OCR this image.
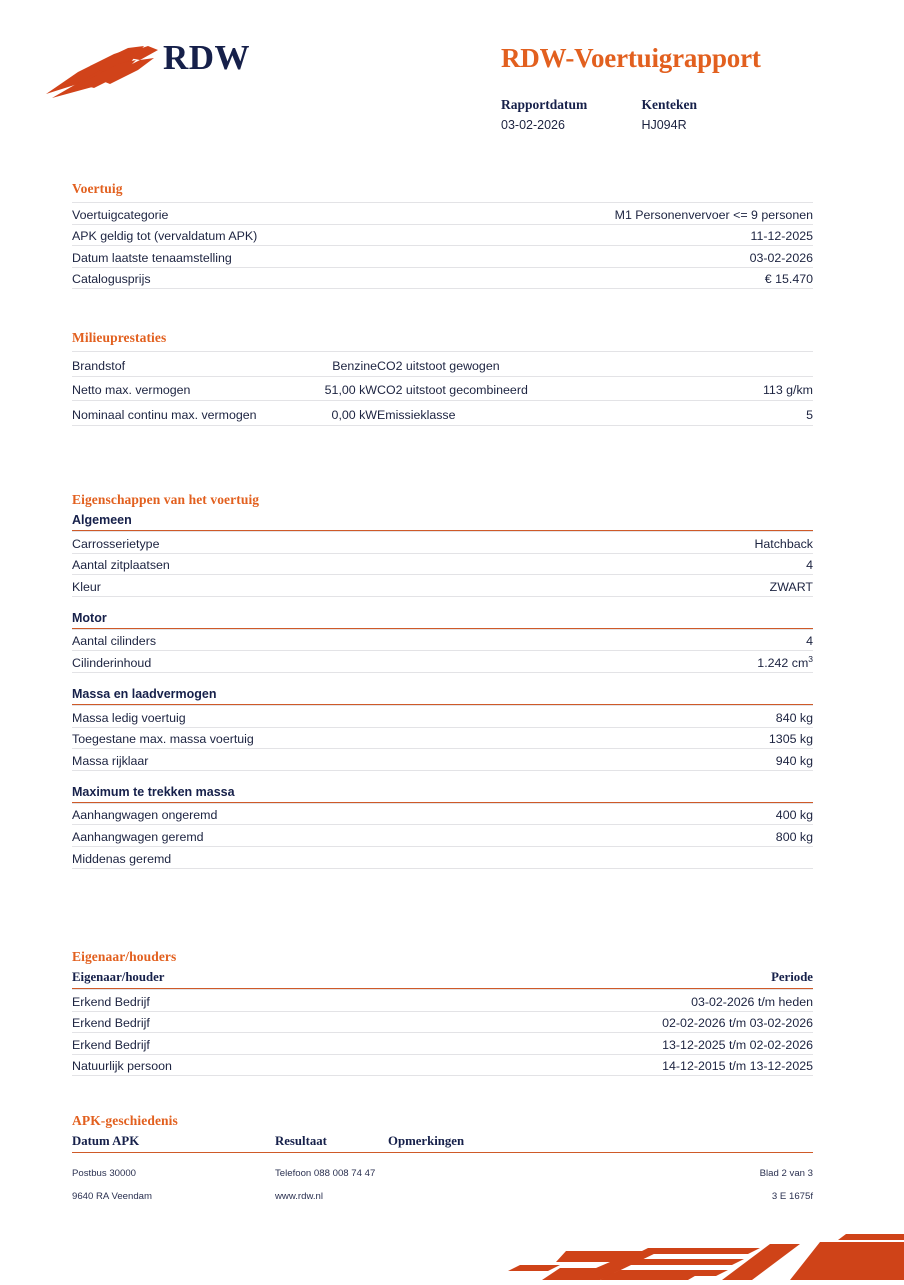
RDW	RDW-Voertuigrapport
Rapportdatum
03-02-2026

Kenteken
HJ094R
Voertuig
Voertuigcategorie	M1 Personenvervoer <= 9 personen
APK geldig tot (vervaldatum APK)	11-12-2025
Datum laatste tenaamstelling	03-02-2026
Catalogusprijs	€ 15.470
Milieuprestaties
Brandstof	Benzine	CO2 uitstoot gewogen	
Netto max. vermogen	51,00 kW	CO2 uitstoot gecombineerd	113 g/km
Nominaal continu max. vermogen	0,00 kW	Emissieklasse	5
Eigenschappen van het voertuig
Algemeen
Carrosserietype	Hatchback
Aantal zitplaatsen	4
Kleur	ZWART
Motor
Aantal cilinders	4
Cilinderinhoud	1.242 $cm^3$
Massa en laadvermogen
Massa ledig voertuig	840 kg
Toegestane max. massa voertuig	1305 kg
Massa rijklaar	940 kg
Maximum te trekken massa
Aanhangwagen ongeremd	400 kg
Aanhangwagen geremd	800 kg
Middenas geremd	
Eigenaar/houders
Eigenaar/houder	Periode
Erkend Bedrijf	03-02-2026 t/m heden
Erkend Bedrijf	02-02-2026 t/m 03-02-2026
Erkend Bedrijf	13-12-2025 t/m 02-02-2026
Natuurlijk persoon	14-12-2015 t/m 13-12-2025
APK-geschiedenis
Datum APK	Resultaat	Opmerkingen
Postbus 30000	Telefoon 088 008 74 47	Blad 2 van 3
9640 RA Veendam	www.rdw.nl	3 E 1675f
